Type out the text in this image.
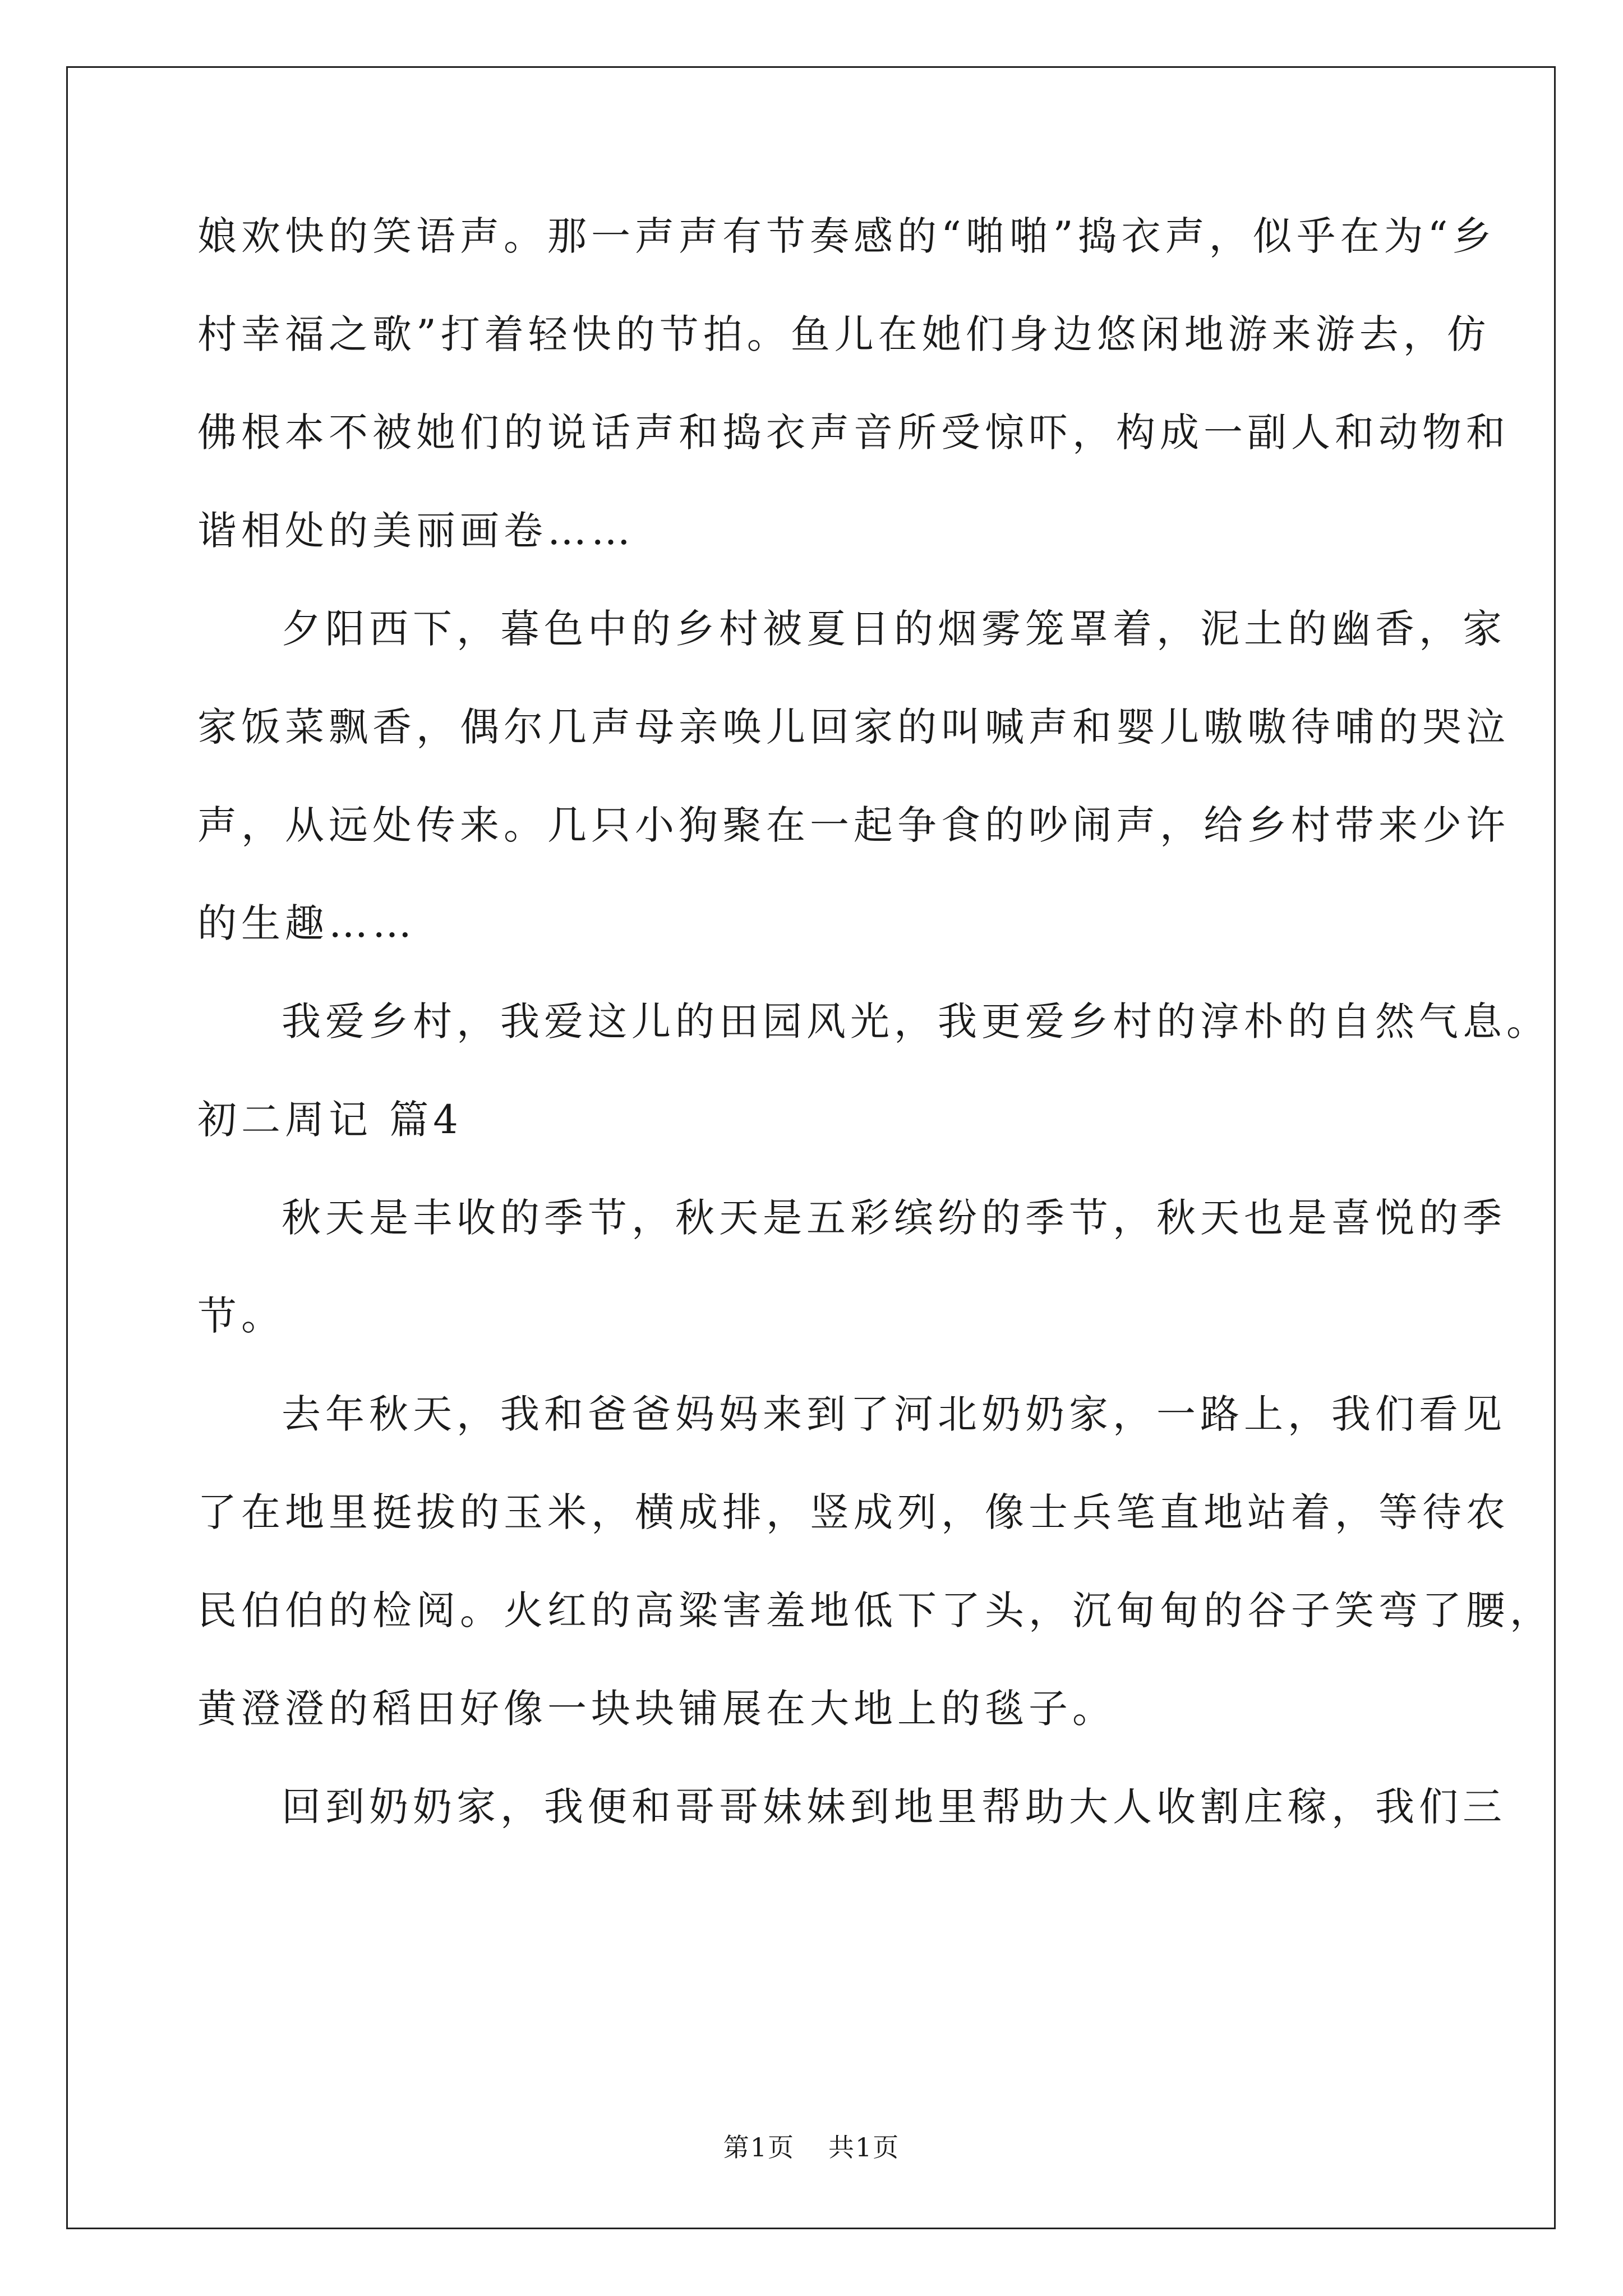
娘欢快的笑语声。那一声声有节奏感的“啪啪”捣衣声，似乎在为“乡
村幸福之歌”打着轻快的节拍。鱼儿在她们身边悠闲地游来游去，仿
佛根本不被她们的说话声和捣衣声音所受惊吓，构成一副人和动物和
谐相处的美丽画卷……
夕阳西下，暮色中的乡村被夏日的烟雾笼罩着，泥土的幽香，家
家饭菜飘香，偶尔几声母亲唤儿回家的叫喊声和婴儿嗷嗷待哺的哭泣
声，从远处传来。几只小狗聚在一起争食的吵闹声，给乡村带来少许
的生趣……
我爱乡村，我爱这儿的田园风光，我更爱乡村的淳朴的自然气息。
初二周记 篇4
秋天是丰收的季节，秋天是五彩缤纷的季节，秋天也是喜悦的季
节。
去年秋天，我和爸爸妈妈来到了河北奶奶家，一路上，我们看见
了在地里挺拔的玉米，横成排，竖成列，像士兵笔直地站着，等待农
民伯伯的检阅。火红的高粱害羞地低下了头，沉甸甸的谷子笑弯了腰，
黄澄澄的稻田好像一块块铺展在大地上的毯子。
回到奶奶家，我便和哥哥妹妹到地里帮助大人收割庄稼，我们三
第1页 共1页
